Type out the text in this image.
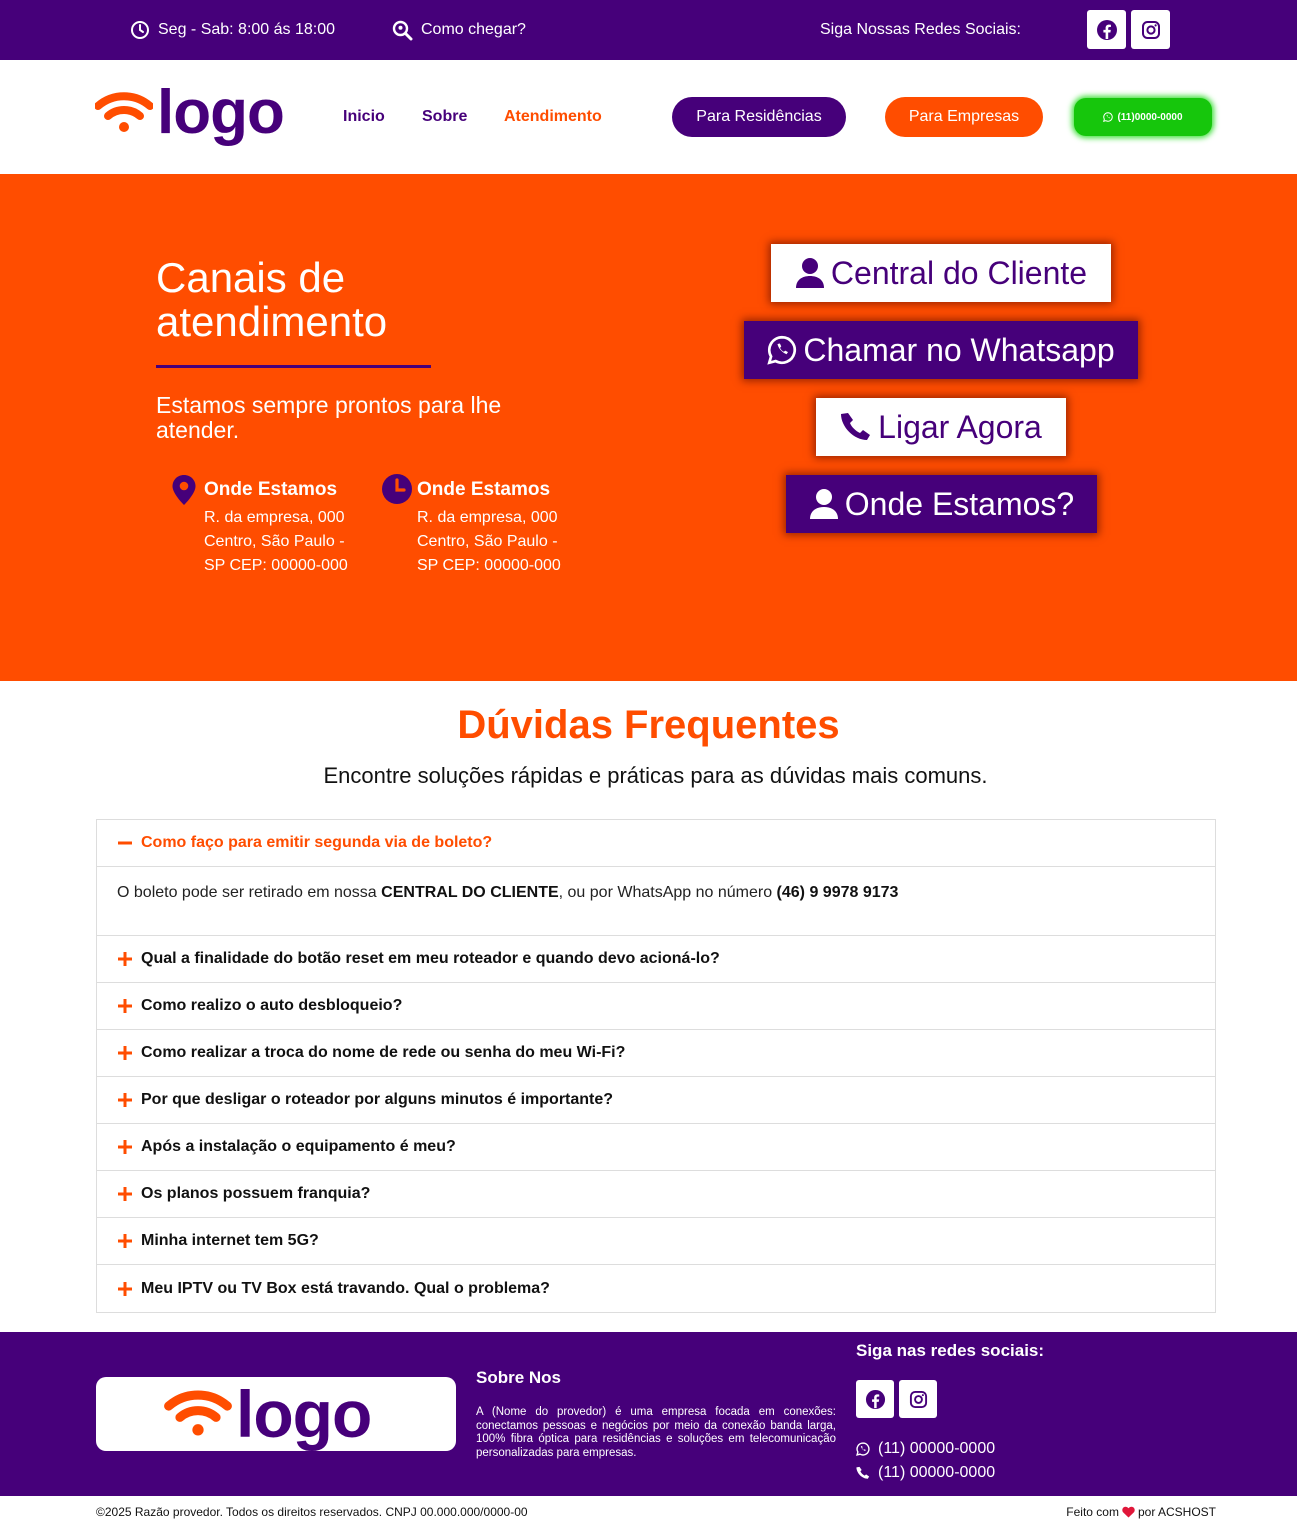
Seg - Sab: 8:00 ás 18:00	Como chegar?	Siga Nossas Redes Sociais:
logo	Inicio Sobre Atendimento	Para Residências	Para Empresas	(11)0000-0000
Canais de atendimento

Estamos sempre prontos para lhe atender.

Onde Estamos
R. da empresa, 000 Centro, São Paulo - SP CEP: 00000-000
Onde Estamos
R. da empresa, 000 Centro, São Paulo - SP CEP: 00000-000
Central do Cliente
Chamar no Whatsapp
Ligar Agora
Onde Estamos?
Dúvidas Frequentes

Encontre soluções rápidas e práticas para as dúvidas mais comuns.

Como faço para emitir segunda via de boleto?
O boleto pode ser retirado em nossa CENTRAL DO CLIENTE, ou por WhatsApp no número (46) 9 9978 9173
Qual a finalidade do botão reset em meu roteador e quando devo acioná-lo?
Como realizo o auto desbloqueio?
Como realizar a troca do nome de rede ou senha do meu Wi-Fi?
Por que desligar o roteador por alguns minutos é importante?
Após a instalação o equipamento é meu?
Os planos possuem franquia?
Minha internet tem 5G?
Meu IPTV ou TV Box está travando. Qual o problema?
logo	Sobre Nos
A (Nome do provedor) é uma empresa focada em conexões: conectamos pessoas e negócios por meio da conexão banda larga, 100% fibra óptica para residências e soluções em telecomunicação personalizadas para empresas.
Siga nas redes sociais:
(11) 00000-0000
(11) 00000-0000
©2025 Razão provedor. Todos os direitos reservados. CNPJ 00.000.000/0000-00	Feito com por ACSHOST
